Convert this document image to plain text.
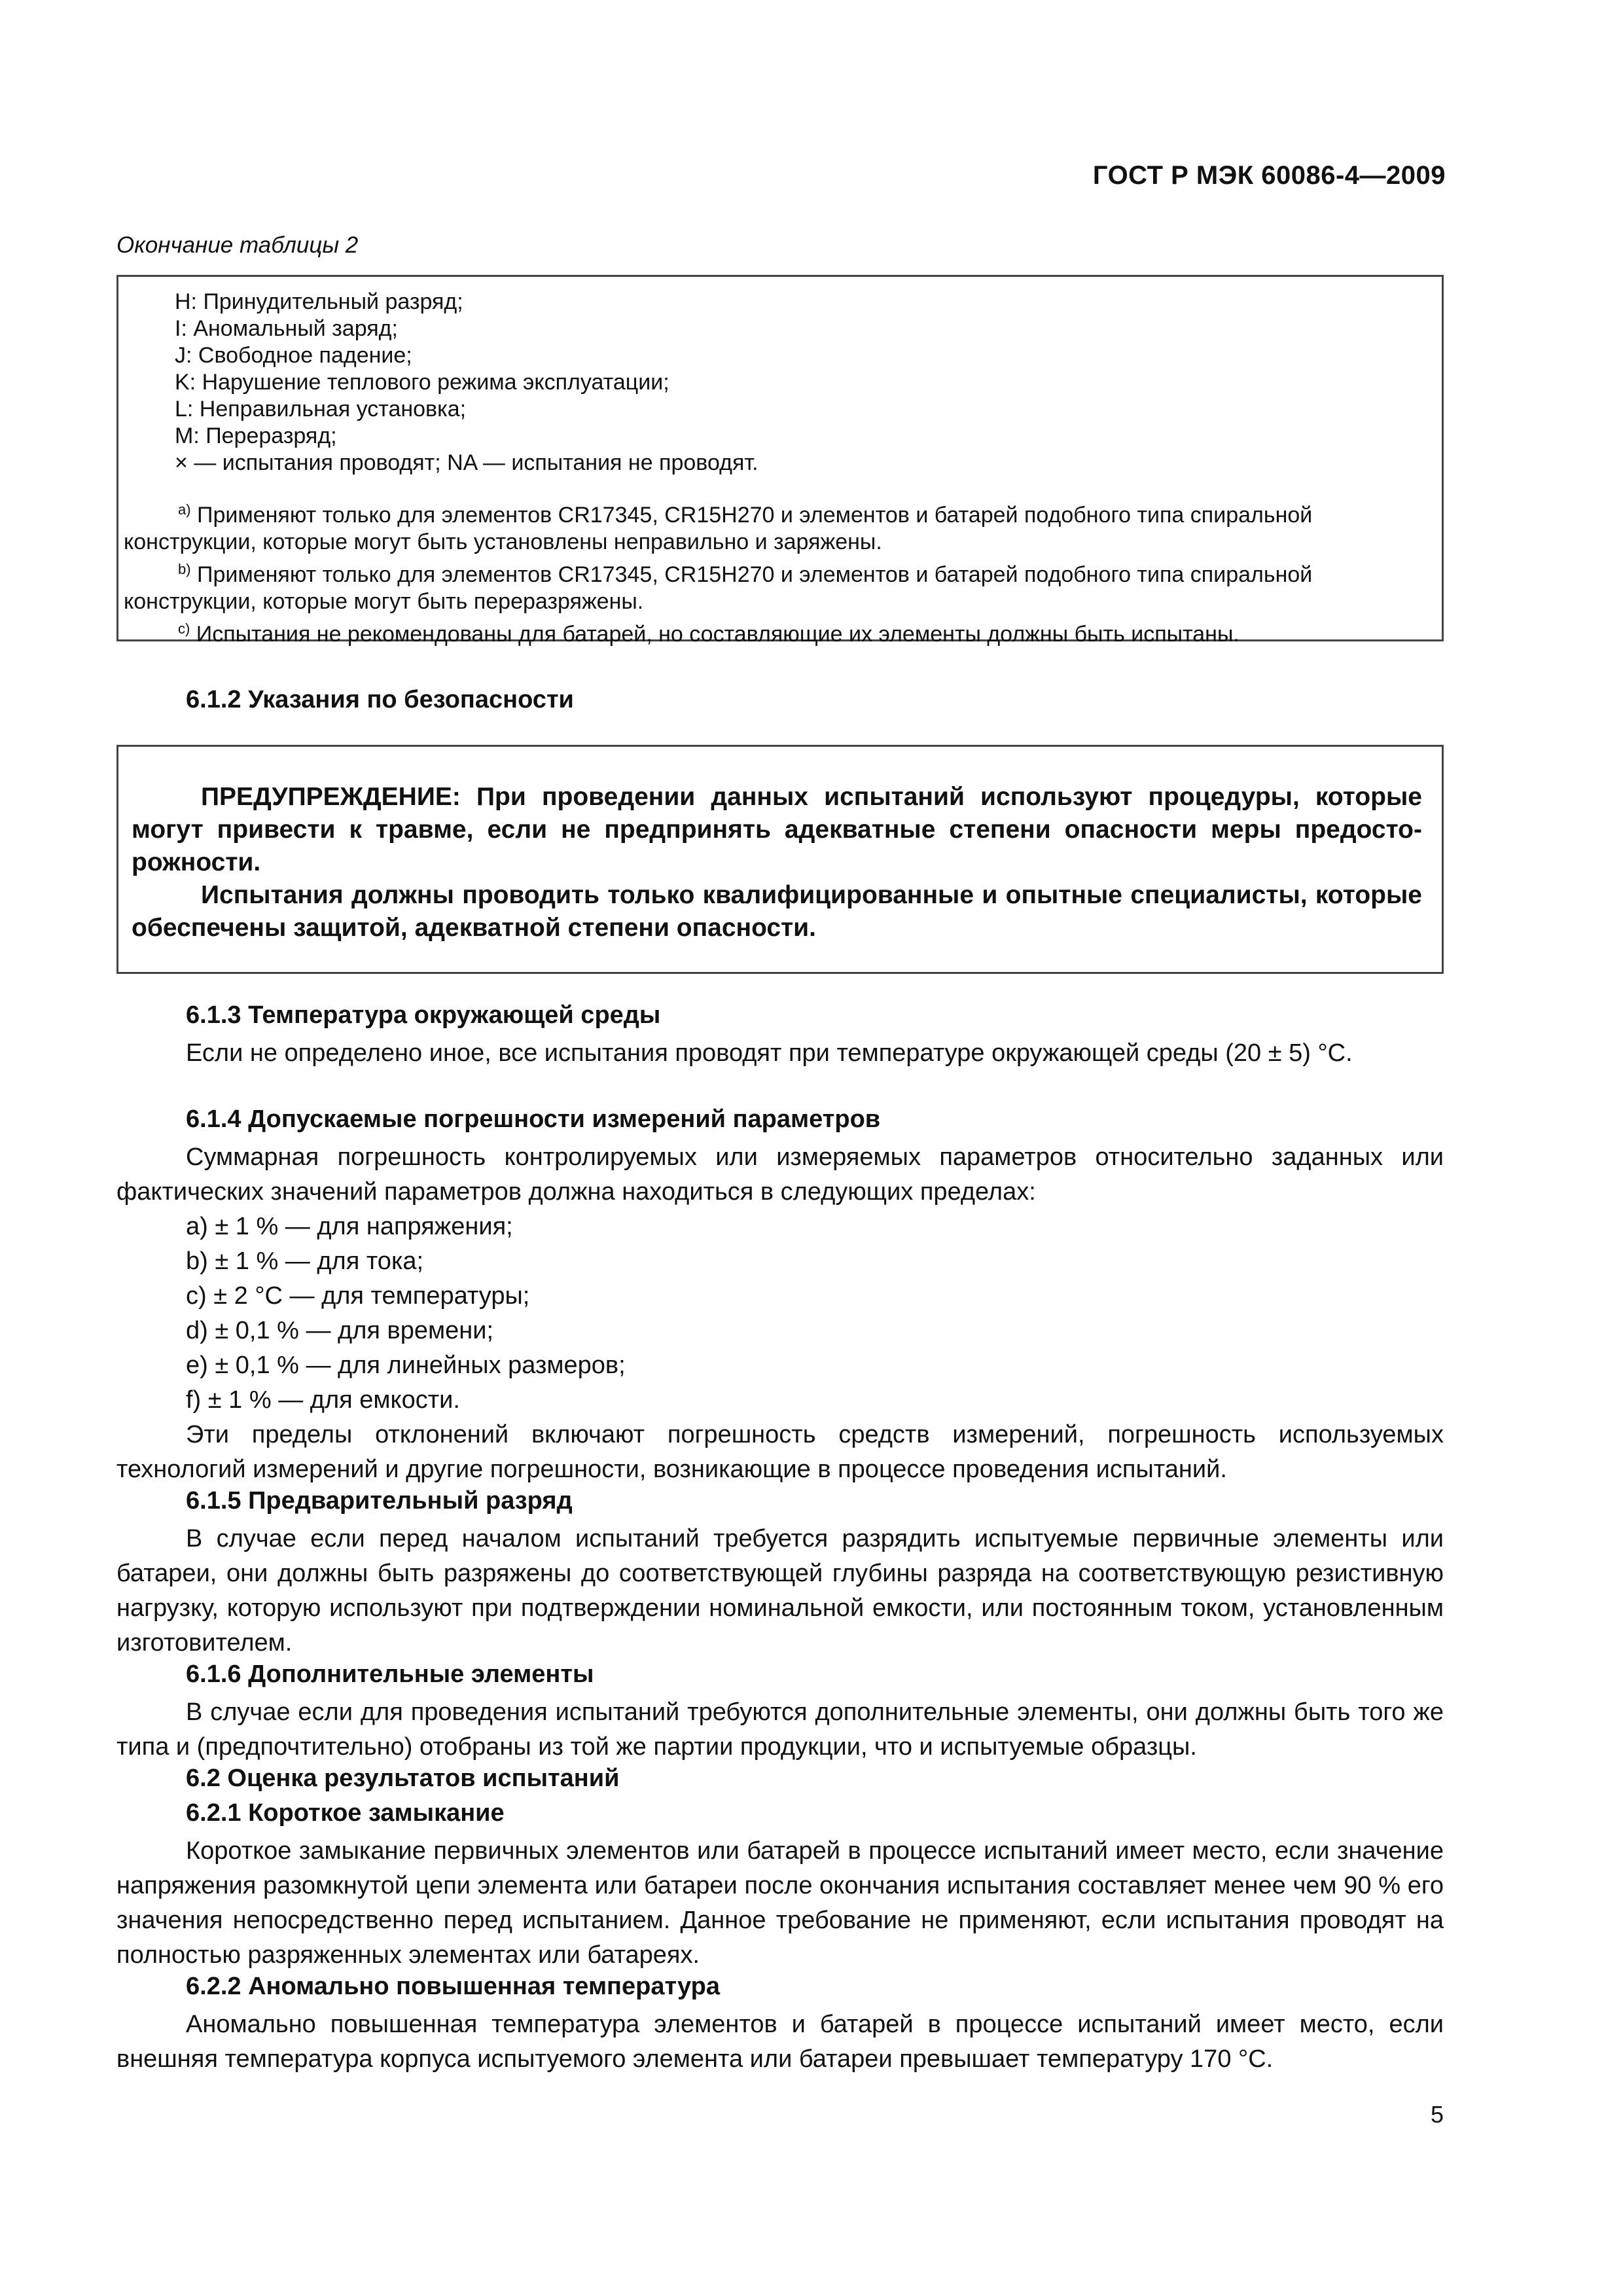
ГОСТ Р МЭК 60086-4—2009
Окончание таблицы 2
H: Принудительный разряд;
I: Аномальный заряд;
J: Свободное падение;
K: Нарушение теплового режима эксплуатации;
L: Неправильная установка;
M: Переразряд;
× — испытания проводят; NA — испытания не проводят.
$^{a)}$ Применяют только для элементов CR17345, CR15H270 и элементов и батарей подобного типа спиральной
конструкции, которые могут быть установлены неправильно и заряжены.
$^{b)}$ Применяют только для элементов CR17345, CR15H270 и элементов и батарей подобного типа спиральной
конструкции, которые могут быть переразряжены.
$^{c)}$ Испытания не рекомендованы для батарей, но составляющие их элементы должны быть испытаны.
6.1.2 Указания по безопасности
ПРЕДУПРЕЖДЕНИЕ: При проведении данных испытаний используют процедуры, которые могут привести к травме, если не предпринять адекватные степени опасности меры предосто-рожности.
Испытания должны проводить только квалифицированные и опытные специалисты, которые обеспечены защитой, адекватной степени опасности.
6.1.3 Температура окружающей среды
Если не определено иное, все испытания проводят при температуре окружающей среды (20 ± 5) °С.
6.1.4 Допускаемые погрешности измерений параметров
Суммарная погрешность контролируемых или измеряемых параметров относительно заданных или фактических значений параметров должна находиться в следующих пределах:
a) ± 1 % — для напряжения;
b) ± 1 % — для тока;
c) ± 2 °С — для температуры;
d) ± 0,1 % — для времени;
e) ± 0,1 % — для линейных размеров;
f) ± 1 % — для емкости.
Эти пределы отклонений включают погрешность средств измерений, погрешность используемых технологий измерений и другие погрешности, возникающие в процессе проведения испытаний.
6.1.5 Предварительный разряд
В случае если перед началом испытаний требуется разрядить испытуемые первичные элементы или батареи, они должны быть разряжены до соответствующей глубины разряда на соответствующую резистивную нагрузку, которую используют при подтверждении номинальной емкости, или постоянным током, установленным изготовителем.
6.1.6 Дополнительные элементы
В случае если для проведения испытаний требуются дополнительные элементы, они должны быть того же типа и (предпочтительно) отобраны из той же партии продукции, что и испытуемые образцы.
6.2 Оценка результатов испытаний
6.2.1 Короткое замыкание
Короткое замыкание первичных элементов или батарей в процессе испытаний имеет место, если значение напряжения разомкнутой цепи элемента или батареи после окончания испытания составляет менее чем 90 % его значения непосредственно перед испытанием. Данное требование не применяют, если испытания проводят на полностью разряженных элементах или батареях.
6.2.2 Аномально повышенная температура
Аномально повышенная температура элементов и батарей в процессе испытаний имеет место, если внешняя температура корпуса испытуемого элемента или батареи превышает температуру 170 °С.
5
